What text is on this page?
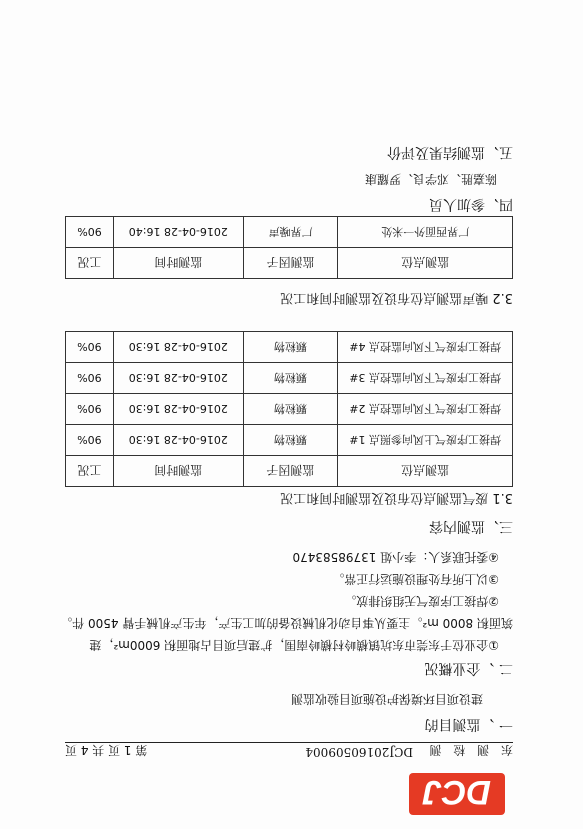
DCJ
东 测 检 测
DCJ2016050900​4
第 1 页 共 4 页
一 、监测目的
建设项目环境保护设施项目验收监测
二 、企业概况
①企业位于东莞市东坑镇横岭村横岭南围，扩建后项目占地面积 6000m²，建
筑面积 8000 m²。主要从事自动化机械设备的加工生产，年生产机械手臂 4500 件。
②焊接工序废气无组织排放。
③以上所有处理设施运行正常。
④委托联系人：李小姐 13798583470
三、监测内容
3.1 废气监测点位布设及监测时间和工况
监测点位	监测因子	监测时间	工况
焊接工序废气上风向参照点 1#	颗粒物	2016-04-28 16:30	90%
焊接工序废气下风向监控点 2#	颗粒物	2016-04-28 16:30	90%
焊接工序废气下风向监控点 3#	颗粒物	2016-04-28 16:30	90%
焊接工序废气下风向监控点 4#	颗粒物	2016-04-28 16:30	90%
3.2 噪声监测点位布设及监测时间和工况
监测点位	监测因子	监测时间	工况
厂界西面外一米处	厂界噪声	2016-04-28 16:40	90%
四、参加人员
陈嘉胜、邓学良、罗耀康
五、监测结果及评价
